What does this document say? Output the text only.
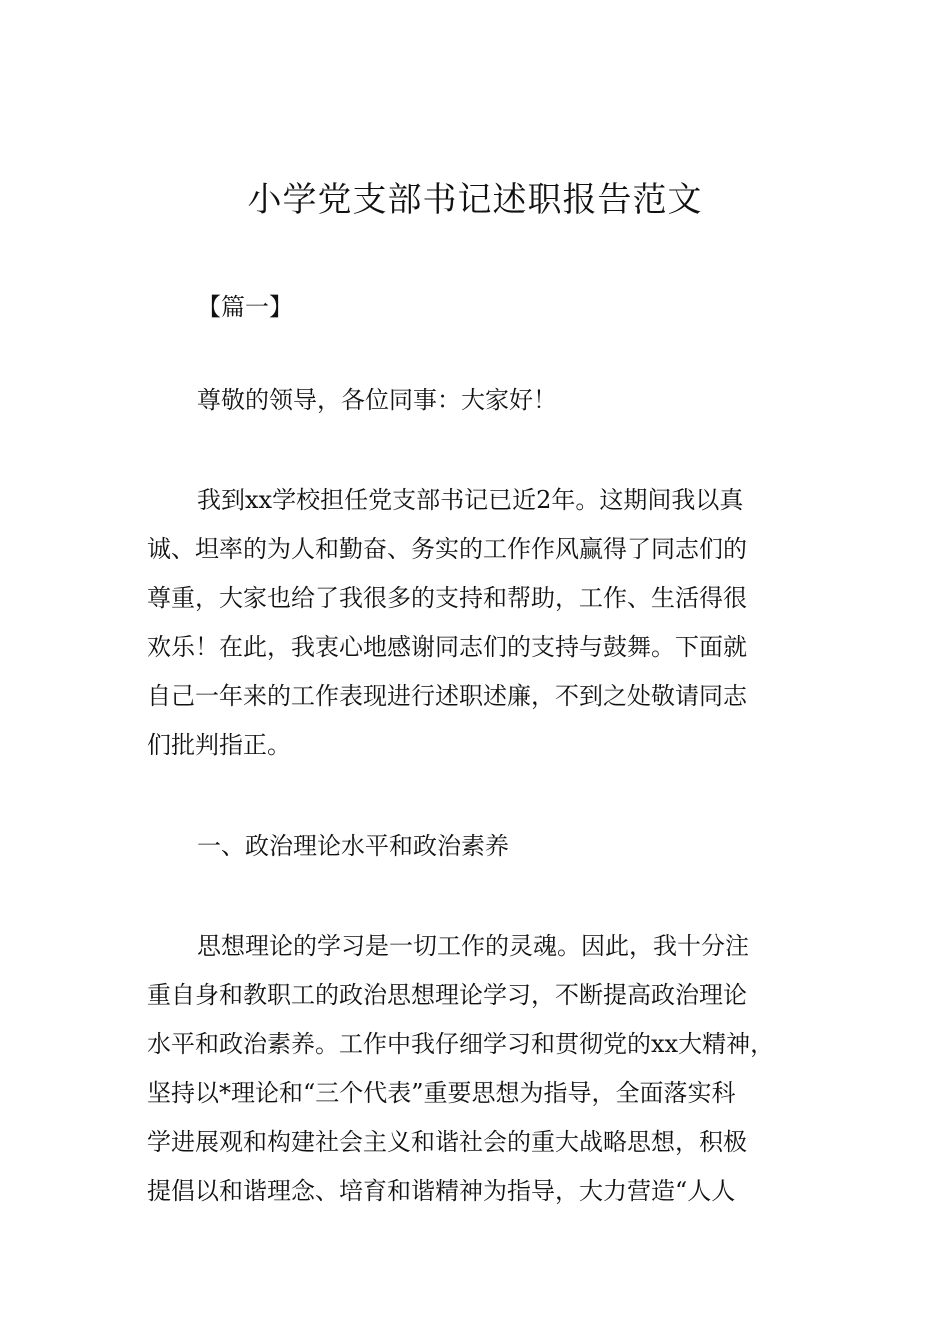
小学党支部书记述职报告范文

【篇一】

尊敬的领导，各位同事：大家好！

我到xx学校担任党支部书记已近2年。这期间我以真
诚、坦率的为人和勤奋、务实的工作作风赢得了同志们的
尊重，大家也给了我很多的支持和帮助，工作、生活得很
欢乐！在此，我衷心地感谢同志们的支持与鼓舞。下面就
自己一年来的工作表现进行述职述廉，不到之处敬请同志
们批判指正。

一、政治理论水平和政治素养

思想理论的学习是一切工作的灵魂。因此，我十分注
重自身和教职工的政治思想理论学习，不断提高政治理论
水平和政治素养。工作中我仔细学习和贯彻党的xx大精神，
坚持以*理论和“三个代表”重要思想为指导，全面落实科
学进展观和构建社会主义和谐社会的重大战略思想，积极
提倡以和谐理念、培育和谐精神为指导，大力营造“人人
